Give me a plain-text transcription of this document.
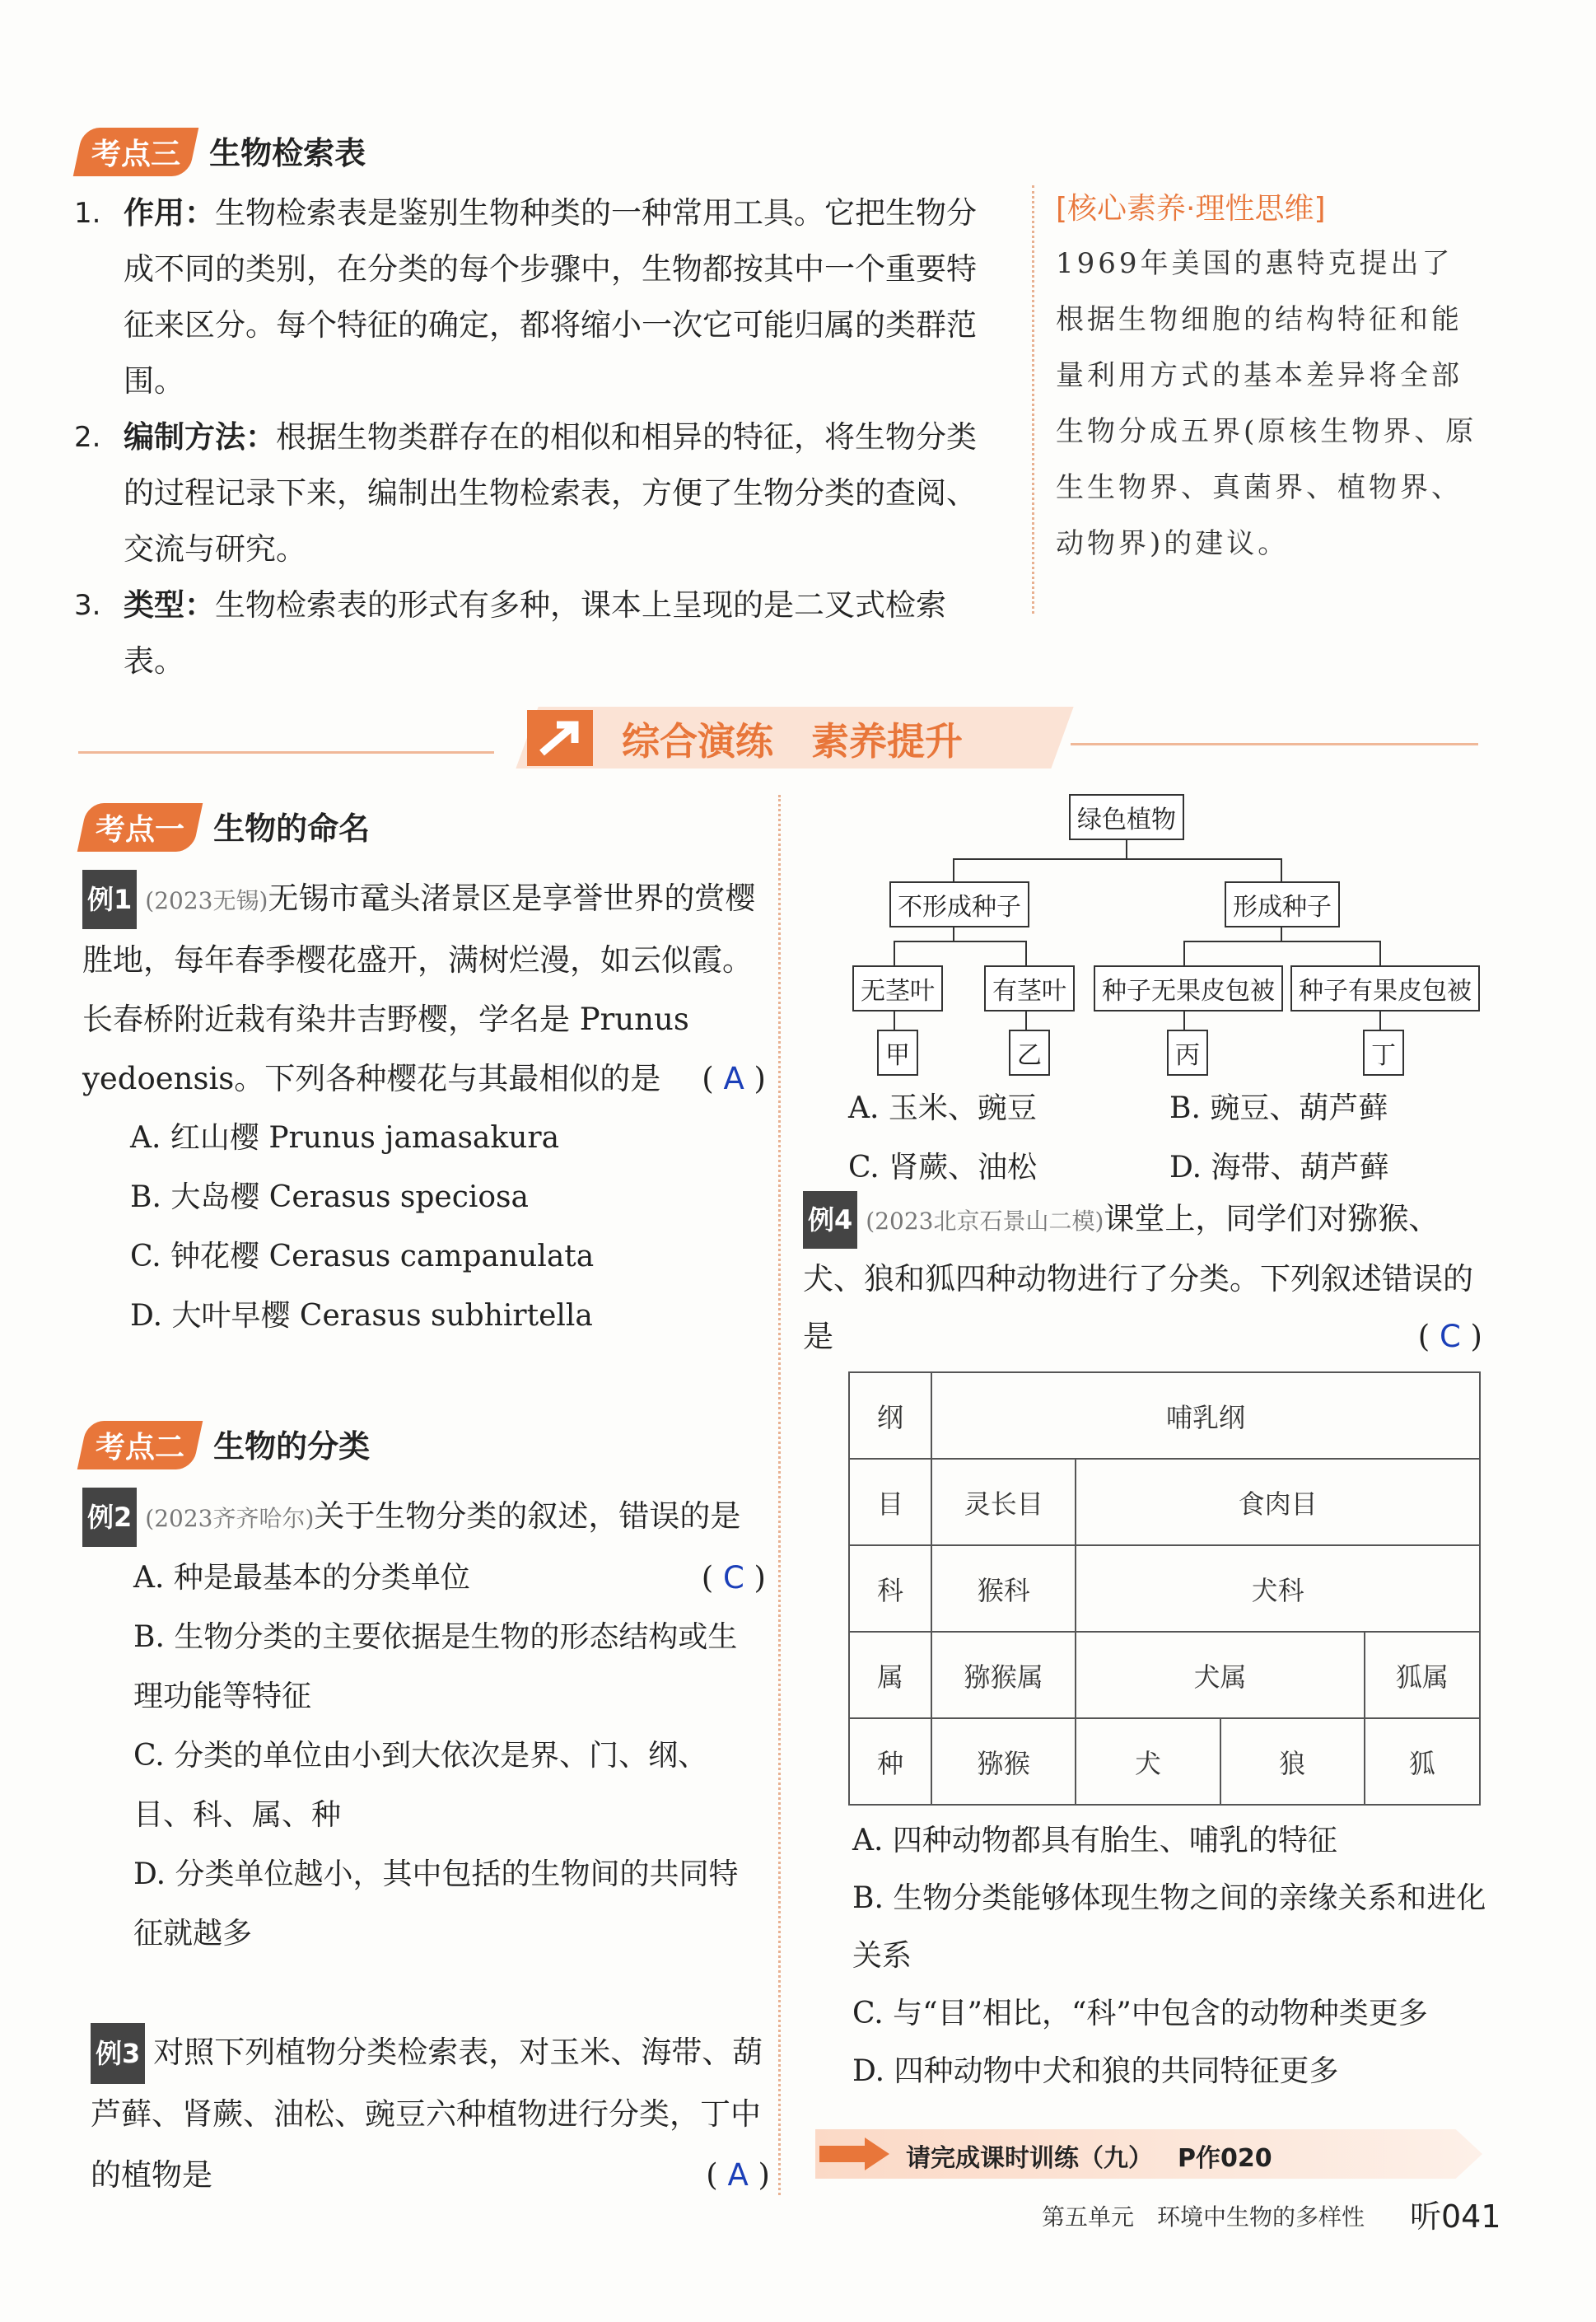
考点三 生物检索表
1. 作用：生物检索表是鉴别生物种类的一种常用工具。它把生物分成不同的类别，在分类的每个步骤中，生物都按其中一个重要特征来区分。每个特征的确定，都将缩小一次它可能归属的类群范围。
2. 编制方法：根据生物类群存在的相似和相异的特征，将生物分类的过程记录下来，编制出生物检索表，方便了生物分类的查阅、交流与研究。
3. 类型：生物检索表的形式有多种，课本上呈现的是二叉式检索表。
[核心素养·理性思维]
1969年美国的惠特克提出了根据生物细胞的结构特征和能量利用方式的基本差异将全部生物分成五界(原核生物界、原生生物界、真菌界、植物界、动物界)的建议。
综合演练　素养提升
考点一 生物的命名
例1 (2023无锡)无锡市鼋头渚景区是享誉世界的赏樱胜地，每年春季樱花盛开，满树烂漫，如云似霞。长春桥附近栽有染井吉野樱，学名是 Prunus yedoensis。下列各种樱花与其最相似的是 ( A )
A. 红山樱 Prunus jamasakura
B. 大岛樱 Cerasus speciosa
C. 钟花樱 Cerasus campanulata
D. 大叶早樱 Cerasus subhirtella
考点二 生物的分类
例2 (2023齐齐哈尔)关于生物分类的叙述，错误的是
( C )
A. 种是最基本的分类单位
B. 生物分类的主要依据是生物的形态结构或生理功能等特征
C. 分类的单位由小到大依次是界、门、纲、目、科、属、种
D. 分类单位越小，其中包括的生物间的共同特征就越多
例3 对照下列植物分类检索表，对玉米、海带、葫芦藓、肾蕨、油松、豌豆六种植物进行分类，丁中的植物是	( A )
绿色植物
不形成种子	形成种子
无茎叶	有茎叶	种子无果皮包被 种子有果皮包被
甲	乙	丙	丁
A. 玉米、豌豆	B. 豌豆、葫芦藓
C. 肾蕨、油松	D. 海带、葫芦藓
例4 (2023北京石景山二模)课堂上，同学们对猕猴、犬、狼和狐四种动物进行了分类。下列叙述错误的是	( C )
纲	哺乳纲			
目	灵长目	食肉目		
科	猴科	犬科		
属	猕猴属	犬属		狐属
种	猕猴	犬	狼	狐
A. 四种动物都具有胎生、哺乳的特征
B. 生物分类能够体现生物之间的亲缘关系和进化关系
C. 与“目”相比，“科”中包含的动物种类更多
D. 四种动物中犬和狼的共同特征更多
请完成课时训练（九） P作020
第五单元　环境中生物的多样性 听041
